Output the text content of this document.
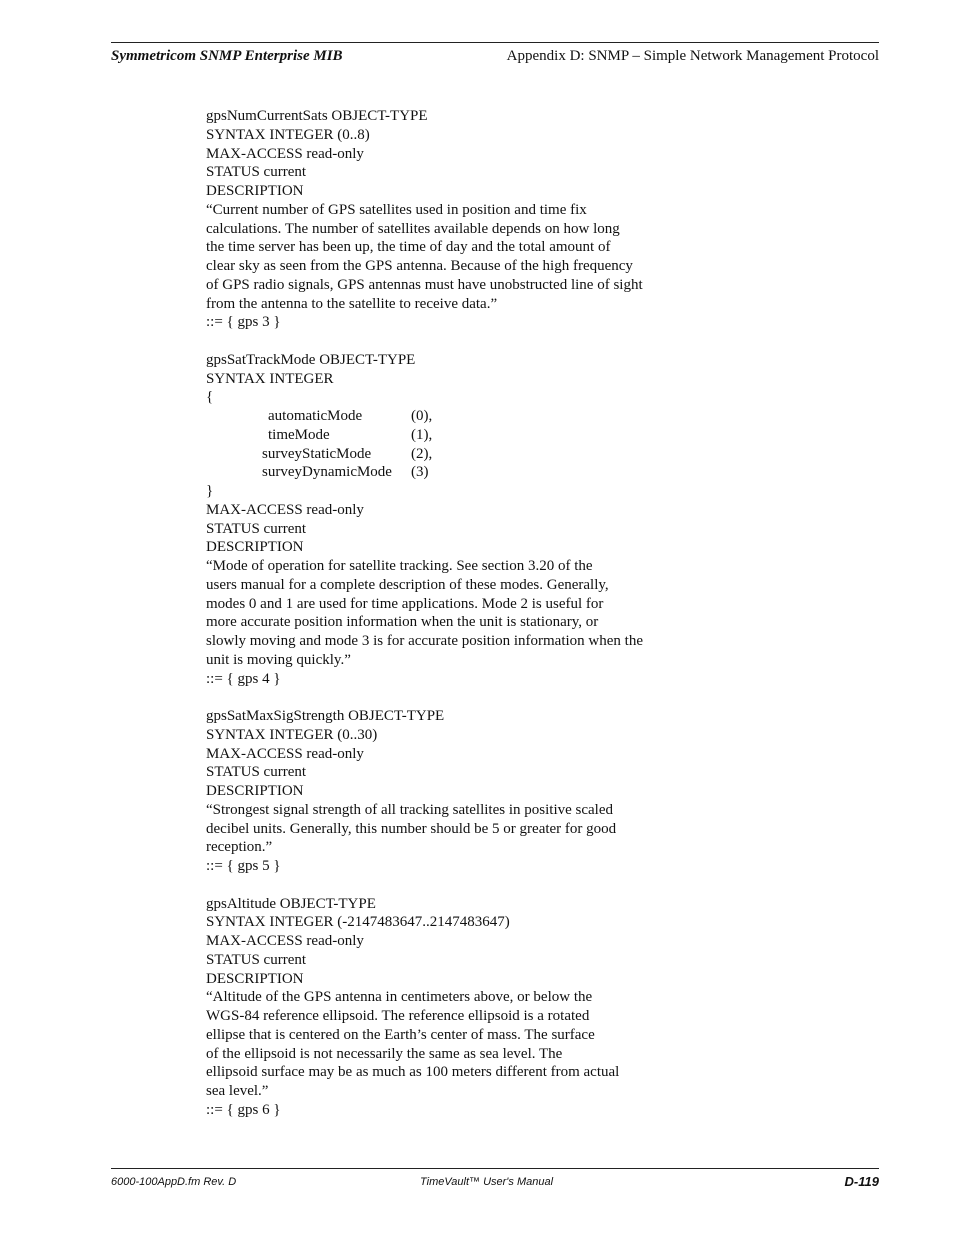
Symmetricom SNMP Enterprise MIB	Appendix D: SNMP – Simple Network Management Protocol
gpsNumCurrentSats OBJECT-TYPE
SYNTAX INTEGER (0..8)
MAX-ACCESS read-only
STATUS current
DESCRIPTION
“Current number of GPS satellites used in position and time fix
calculations. The number of satellites available depends on how long
the time server has been up, the time of day and the total amount of
clear sky as seen from the GPS antenna. Because of the high frequency
of GPS radio signals, GPS antennas must have unobstructed line of sight
from the antenna to the satellite to receive data.”
::= { gps 3 }
gpsSatTrackMode OBJECT-TYPE
SYNTAX INTEGER
{
automaticMode	(0),
timeMode	(1),
surveyStaticMode	(2),
surveyDynamicMode (3)
}
MAX-ACCESS read-only
STATUS current
DESCRIPTION
“Mode of operation for satellite tracking. See section 3.20 of the
users manual for a complete description of these modes. Generally,
modes 0 and 1 are used for time applications. Mode 2 is useful for
more accurate position information when the unit is stationary, or
slowly moving and mode 3 is for accurate position information when the
unit is moving quickly.”
::= { gps 4 }
gpsSatMaxSigStrength OBJECT-TYPE
SYNTAX INTEGER (0..30)
MAX-ACCESS read-only
STATUS current
DESCRIPTION
“Strongest signal strength of all tracking satellites in positive scaled
decibel units. Generally, this number should be 5 or greater for good
reception.”
::= { gps 5 }
gpsAltitude OBJECT-TYPE
SYNTAX INTEGER (-2147483647..2147483647)
MAX-ACCESS read-only
STATUS current
DESCRIPTION
“Altitude of the GPS antenna in centimeters above, or below the
WGS-84 reference ellipsoid. The reference ellipsoid is a rotated
ellipse that is centered on the Earth’s center of mass. The surface
of the ellipsoid is not necessarily the same as sea level. The
ellipsoid surface may be as much as 100 meters different from actual
sea level.”
::= { gps 6 }
6000-100AppD.fm Rev. D	TimeVault™ User's Manual	D-119
